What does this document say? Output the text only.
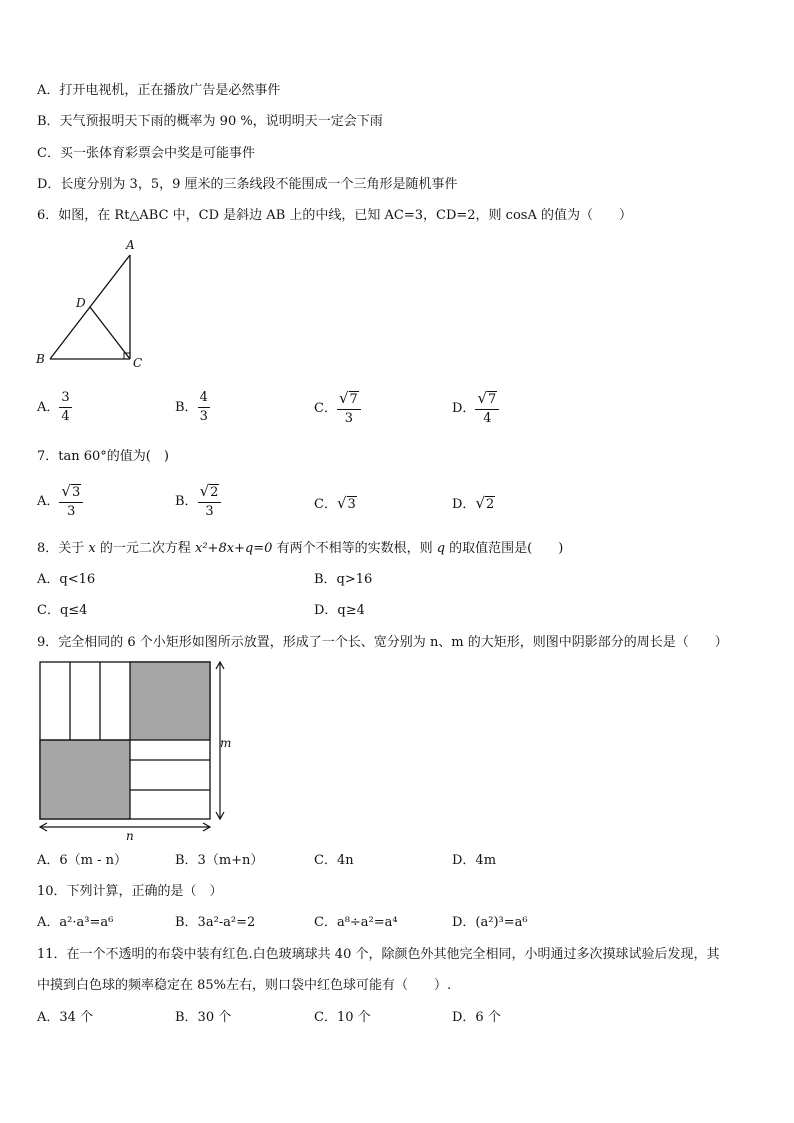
A．打开电视机，正在播放广告是必然事件
B．天气预报明天下雨的概率为 90 %，说明明天一定会下雨
C．买一张体育彩票会中奖是可能事件
D．长度分别为 3，5，9 厘米的三条线段不能围成一个三角形是随机事件
6．如图，在 Rt△ABC 中，CD 是斜边 AB 上的中线，已知 AC=3，CD=2，则 cosA 的值为（　　）
A
B	C
D
A． $\frac{3}{4}$	B． $\frac{4}{3}$	C． $\frac{√7}{3}$	D． $\frac{√7}{4}$
7．tan 60°的值为(　)
A． $\frac{√3}{3}$	B． $\frac{√2}{3}$	C．√3	D．√2
8．关于 x 的一元二次方程 x²+8x+q=0 有两个不相等的实数根，则 q 的取值范围是(　　)
A．q<16	B．q>16
C．q≤4	D．q≥4
9．完全相同的 6 个小矩形如图所示放置，形成了一个长、宽分别为 n、m 的大矩形，则图中阴影部分的周长是（　　）
m
n
A．6（m - n）	B．3（m+n）	C．4n	D．4m
10．下列计算，正确的是（　）
A．a²·a³=a⁶	B．3a²-a²=2	C．a⁸÷a²=a⁴	D．(a²)³=a⁶
11．在一个不透明的布袋中装有红色.白色玻璃球共 40 个，除颜色外其他完全相同，小明通过多次摸球试验后发现，其
中摸到白色球的频率稳定在 85%左右，则口袋中红色球可能有（　　）.
A．34 个	B．30 个	C．10 个	D．6 个
